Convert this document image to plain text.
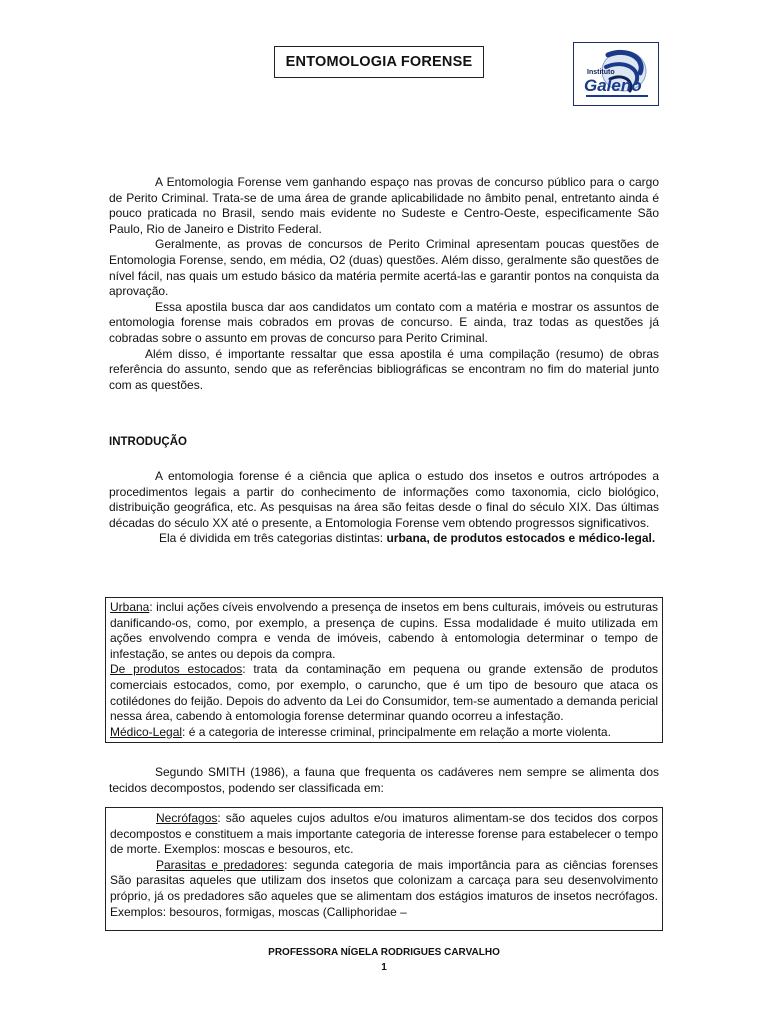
ENTOMOLOGIA FORENSE
Instituto
Galeno

A Entomologia Forense vem ganhando espaço nas provas de concurso público para o cargo de Perito Criminal. Trata-se de uma área de grande aplicabilidade no âmbito penal, entretanto ainda é pouco praticada no Brasil, sendo mais evidente no Sudeste e Centro-Oeste, especificamente São Paulo, Rio de Janeiro e Distrito Federal.

Geralmente, as provas de concursos de Perito Criminal apresentam poucas questões de Entomologia Forense, sendo, em média, O2 (duas) questões. Além disso, geralmente são questões de nível fácil, nas quais um estudo básico da matéria permite acertá-las e garantir pontos na conquista da aprovação.

Essa apostila busca dar aos candidatos um contato com a matéria e mostrar os assuntos de entomologia forense mais cobrados em provas de concurso. E ainda, traz todas as questões já cobradas sobre o assunto em provas de concurso para Perito Criminal.

Além disso, é importante ressaltar que essa apostila é uma compilação (resumo) de obras referência do assunto, sendo que as referências bibliográficas se encontram no fim do material junto com as questões.

INTRODUÇÃO

A entomologia forense é a ciência que aplica o estudo dos insetos e outros artrópodes a procedimentos legais a partir do conhecimento de informações como taxonomia, ciclo biológico, distribuição geográfica, etc. As pesquisas na área são feitas desde o final do século XIX. Das últimas décadas do século XX até o presente, a Entomologia Forense vem obtendo progressos significativos.

Ela é dividida em três categorias distintas: urbana, de produtos estocados e médico-legal.

Urbana: inclui ações cíveis envolvendo a presença de insetos em bens culturais, imóveis ou estruturas danificando-os, como, por exemplo, a presença de cupins. Essa modalidade é muito utilizada em ações envolvendo compra e venda de imóveis, cabendo à entomologia determinar o tempo de infestação, se antes ou depois da compra.

De produtos estocados: trata da contaminação em pequena ou grande extensão de produtos comerciais estocados, como, por exemplo, o caruncho, que é um tipo de besouro que ataca os cotilédones do feijão. Depois do advento da Lei do Consumidor, tem-se aumentado a demanda pericial nessa área, cabendo à entomologia forense determinar quando ocorreu a infestação.

Médico-Legal: é a categoria de interesse criminal, principalmente em relação a morte violenta.

Segundo SMITH (1986), a fauna que frequenta os cadáveres nem sempre se alimenta dos tecidos decompostos, podendo ser classificada em:

Necrófagos: são aqueles cujos adultos e/ou imaturos alimentam-se dos tecidos dos corpos decompostos e constituem a mais importante categoria de interesse forense para estabelecer o tempo de morte. Exemplos: moscas e besouros, etc.

Parasitas e predadores: segunda categoria de mais importância para as ciências forenses São parasitas aqueles que utilizam dos insetos que colonizam a carcaça para seu desenvolvimento próprio, já os predadores são aqueles que se alimentam dos estágios imaturos de insetos necrófagos. Exemplos: besouros, formigas, moscas (Calliphoridae –

PROFESSORA NÍGELA RODRIGUES CARVALHO
1
